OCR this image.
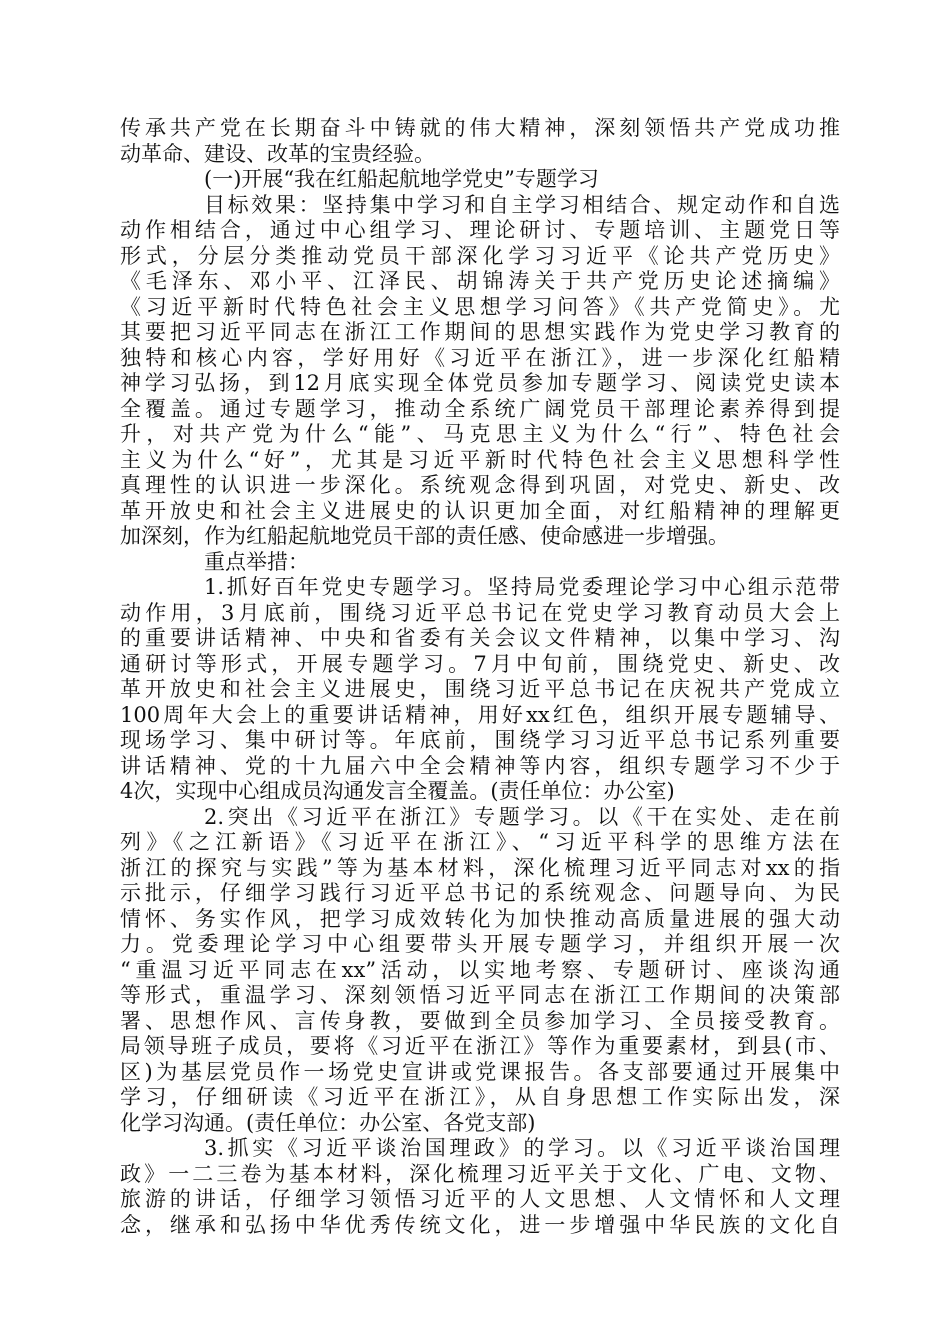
传承共产党在长期奋斗中铸就的伟大精神，深刻领悟共产党成功推
动革命、建设、改革的宝贵经验。
(一)开展“我在红船起航地学党史”专题学习
目标效果：坚持集中学习和自主学习相结合、规定动作和自选
动作相结合，通过中心组学习、理论研讨、专题培训、主题党日等
形式，分层分类推动党员干部深化学习习近平《论共产党历史》
《毛泽东、邓小平、江泽民、胡锦涛关于共产党历史论述摘编》
《习近平新时代特色社会主义思想学习问答》《共产党简史》。尤
其要把习近平同志在浙江工作期间的思想实践作为党史学习教育的
独特和核心内容，学好用好《习近平在浙江》，进一步深化红船精
神学习弘扬，到12月底实现全体党员参加专题学习、阅读党史读本
全覆盖。通过专题学习，推动全系统广阔党员干部理论素养得到提
升，对共产党为什么“能”、马克思主义为什么“行”、特色社会
主义为什么“好”，尤其是习近平新时代特色社会主义思想科学性
真理性的认识进一步深化。系统观念得到巩固，对党史、新史、改
革开放史和社会主义进展史的认识更加全面，对红船精神的理解更
加深刻，作为红船起航地党员干部的责任感、使命感进一步增强。
重点举措：
1.抓好百年党史专题学习。坚持局党委理论学习中心组示范带
动作用，3月底前，围绕习近平总书记在党史学习教育动员大会上
的重要讲话精神、中央和省委有关会议文件精神，以集中学习、沟
通研讨等形式，开展专题学习。7月中旬前，围绕党史、新史、改
革开放史和社会主义进展史，围绕习近平总书记在庆祝共产党成立
100周年大会上的重要讲话精神，用好xx红色，组织开展专题辅导、
现场学习、集中研讨等。年底前，围绕学习习近平总书记系列重要
讲话精神、党的十九届六中全会精神等内容，组织专题学习不少于
4次，实现中心组成员沟通发言全覆盖。(责任单位：办公室)
2.突出《习近平在浙江》专题学习。以《干在实处、走在前
列》《之江新语》《习近平在浙江》、“习近平科学的思维方法在
浙江的探究与实践”等为基本材料，深化梳理习近平同志对xx的指
示批示，仔细学习践行习近平总书记的系统观念、问题导向、为民
情怀、务实作风，把学习成效转化为加快推动高质量进展的强大动
力。党委理论学习中心组要带头开展专题学习，并组织开展一次
“重温习近平同志在xx”活动，以实地考察、专题研讨、座谈沟通
等形式，重温学习、深刻领悟习近平同志在浙江工作期间的决策部
署、思想作风、言传身教，要做到全员参加学习、全员接受教育。
局领导班子成员，要将《习近平在浙江》等作为重要素材，到县(市、
区)为基层党员作一场党史宣讲或党课报告。各支部要通过开展集中
学习，仔细研读《习近平在浙江》，从自身思想工作实际出发，深
化学习沟通。(责任单位：办公室、各党支部)
3.抓实《习近平谈治国理政》的学习。以《习近平谈治国理
政》一二三卷为基本材料，深化梳理习近平关于文化、广电、文物、
旅游的讲话，仔细学习领悟习近平的人文思想、人文情怀和人文理
念，继承和弘扬中华优秀传统文化，进一步增强中华民族的文化自
